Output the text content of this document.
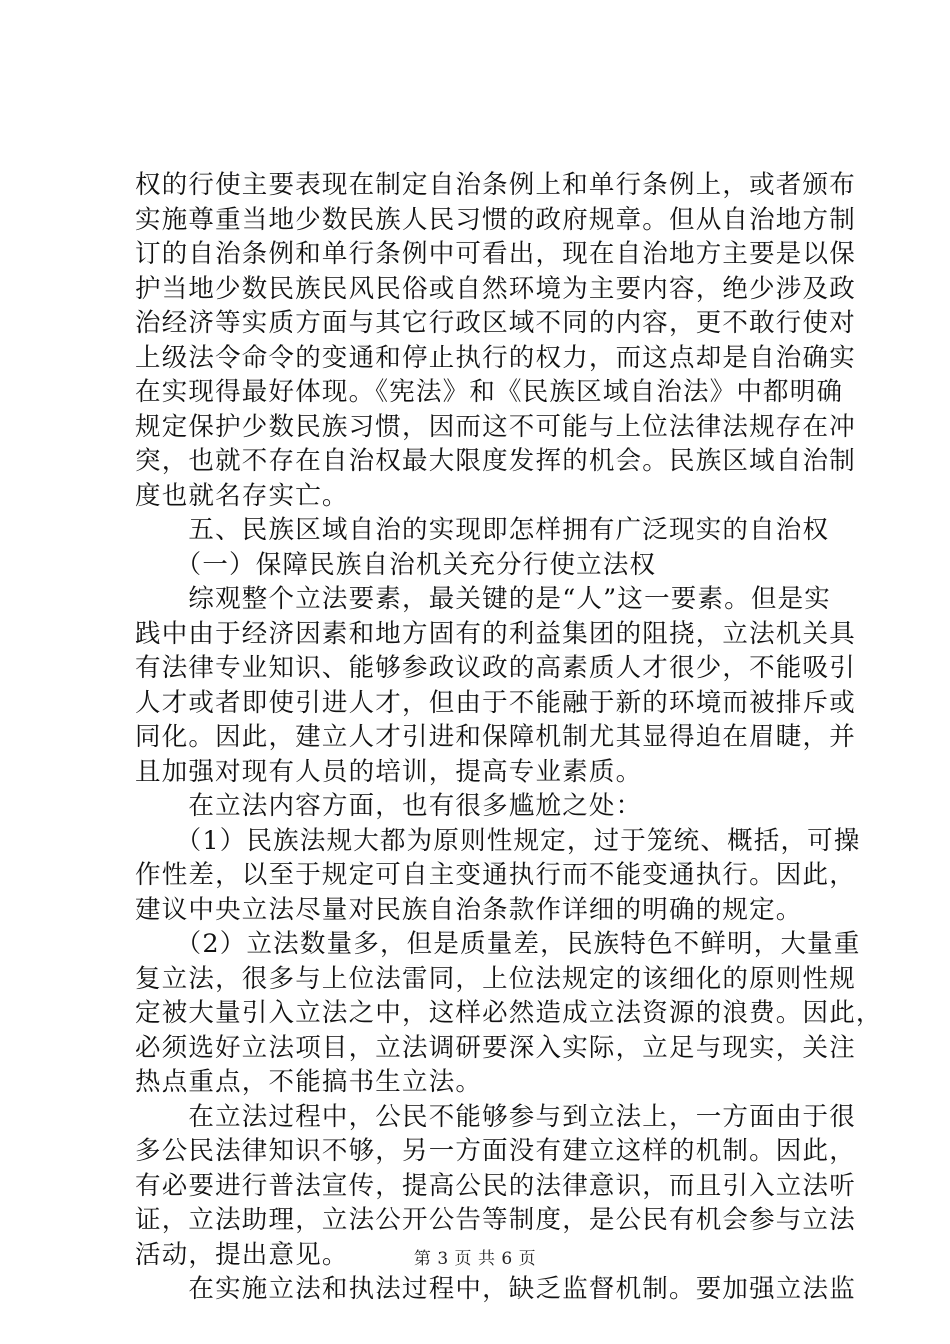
权的行使主要表现在制定自治条例上和单行条例上，或者颁布
实施尊重当地少数民族人民习惯的政府规章。但从自治地方制
订的自治条例和单行条例中可看出，现在自治地方主要是以保
护当地少数民族民风民俗或自然环境为主要内容，绝少涉及政
治经济等实质方面与其它行政区域不同的内容，更不敢行使对
上级法令命令的变通和停止执行的权力，而这点却是自治确实
在实现得最好体现。《宪法》和《民族区域自治法》中都明确
规定保护少数民族习惯，因而这不可能与上位法律法规存在冲
突，也就不存在自治权最大限度发挥的机会。民族区域自治制
度也就名存实亡。
　　五、民族区域自治的实现即怎样拥有广泛现实的自治权
　　（一）保障民族自治机关充分行使立法权
　　综观整个立法要素，最关键的是“人”这一要素。但是实
践中由于经济因素和地方固有的利益集团的阻挠，立法机关具
有法律专业知识、能够参政议政的高素质人才很少，不能吸引
人才或者即使引进人才，但由于不能融于新的环境而被排斥或
同化。因此，建立人才引进和保障机制尤其显得迫在眉睫，并
且加强对现有人员的培训，提高专业素质。
　　在立法内容方面，也有很多尴尬之处：
　　（1）民族法规大都为原则性规定，过于笼统、概括，可操
作性差，以至于规定可自主变通执行而不能变通执行。因此，
建议中央立法尽量对民族自治条款作详细的明确的规定。
　　（2）立法数量多，但是质量差，民族特色不鲜明，大量重
复立法，很多与上位法雷同，上位法规定的该细化的原则性规
定被大量引入立法之中，这样必然造成立法资源的浪费。因此，
必须选好立法项目，立法调研要深入实际，立足与现实，关注
热点重点，不能搞书生立法。
　　在立法过程中，公民不能够参与到立法上，一方面由于很
多公民法律知识不够，另一方面没有建立这样的机制。因此，
有必要进行普法宣传，提高公民的法律意识，而且引入立法听
证，立法助理，立法公开公告等制度，是公民有机会参与立法
活动，提出意见。
　　在实施立法和执法过程中，缺乏监督机制。要加强立法监
第 3 页 共 6 页
